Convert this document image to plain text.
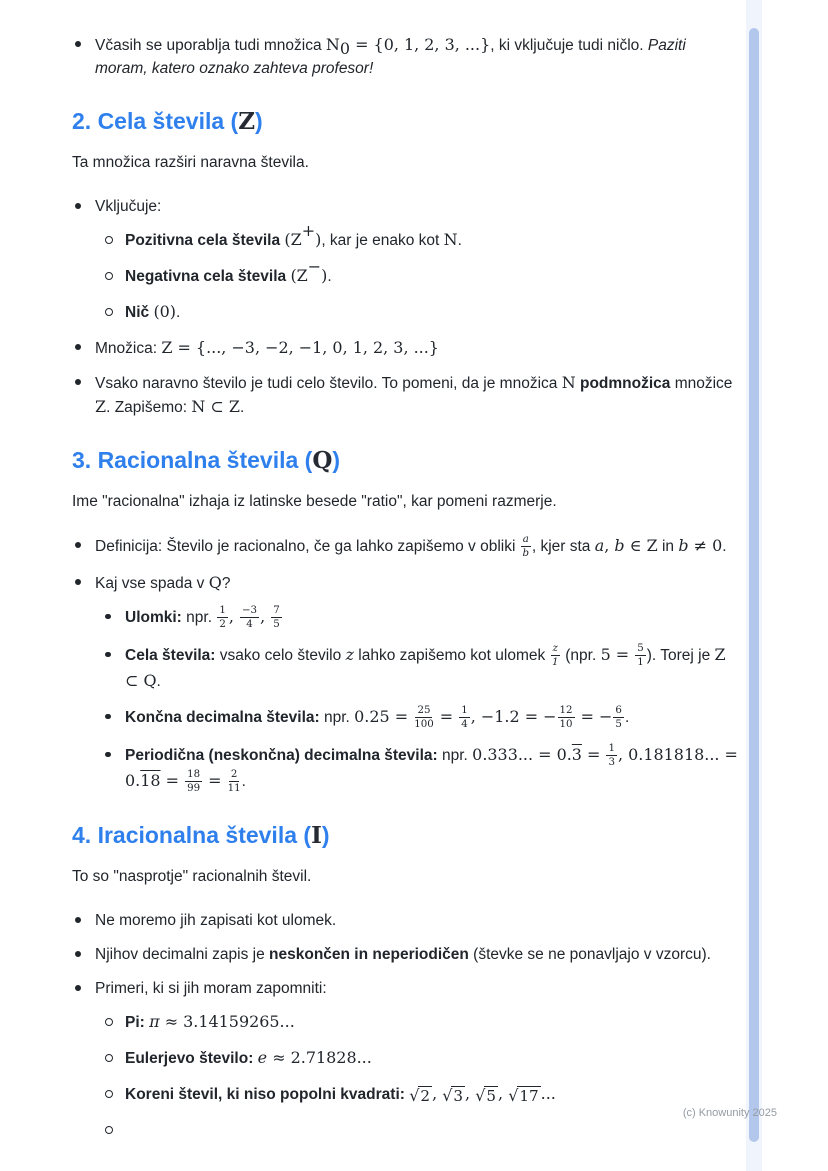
Včasih se uporablja tudi množica $N_0 = \{0$, 1, 2, 3, ...}, ki vključuje tudi ničlo. Paziti moram, katero oznako zahteva profesor!
2. Cela števila (Z)

Ta množica razširi naravna števila.

Vključuje:
Pozitivna cela števila (Z+), kar je enako kot N.
Negativna cela števila (Z−).
Nič (0).
Množica: Z = {..., −3, −2, −1, 0, 1, 2, 3, ...}
Vsako naravno število je tudi celo število. To pomeni, da je množica N podmnožica množice Z. Zapišemo: N ⊂ Z.
3. Racionalna števila (Q)

Ime "racionalna" izhaja iz latinske besede "ratio", kar pomeni razmerje.

Definicija: Število je racionalno, če ga lahko zapišemo v obliki $\frac{a}{b}$ , kjer sta a, b ∈ Z in b ≠ 0.
Kaj vse spada v Q?
Ulomki: npr. $\frac{1}{2}$ , $\frac{-3}{4}$ , $\frac{7}{5}$
Cela števila: vsako celo število z lahko zapišemo kot ulomek $\frac{z}{1} (npr$. $5 = \frac{5}{1}$ ). Torej je Z ⊂ Q.
Končna decimalna števila: npr. $0.25 = \frac{25}{100} = \frac{1}{4}$ , −1.2 = − $\frac{12}{10}$ = − $\frac{6}{5}$ .
Periodična (neskončna) decimalna števila: npr. 0.333... = $0.3 = \frac{1}{3}$ , 0.181818... = $0.18 = \frac{18}{99} = \frac{2}{11}$ .
4. Iracionalna števila (I)

To so "nasprotje" racionalnih števil.

Ne moremo jih zapisati kot ulomek.
Njihov decimalni zapis je neskončen in neperiodičen (števke se ne ponavljajo v vzorcu).
Primeri, ki si jih moram zapomniti:
Pi: π ≈ 3.14159265...
Eulerjevo število: e ≈ 2.71828...
Koreni števil, ki niso popolni kvadrati: √ 2 , √ 3 , √ 5 , √ 17 ...
(c) Knowunity 2025
